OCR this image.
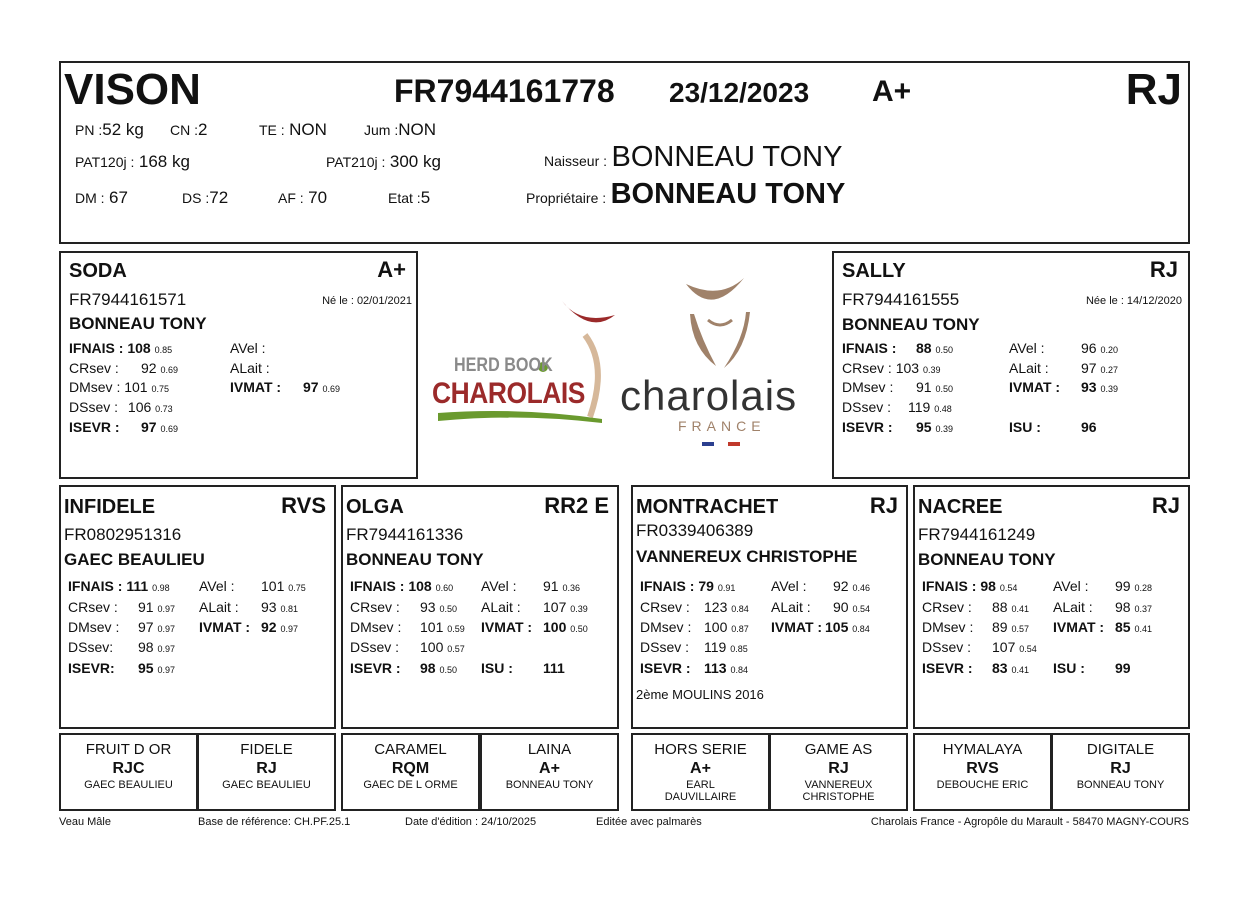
VISON	FR7944161778 23/12/2023 A+	RJ
PN :52 kg CN :2	TE : NON	Jum :NON
PAT120j : 168 kg	PAT210j : 300 kg
DM : 67	DS :72	AF : 70	Etat :5
Naisseur : BONNEAU TONY
Propriétaire : BONNEAU TONY
SODA	A+
FR7944161571	Né le : 02/01/2021
BONNEAU TONY
IFNAIS : 108 0.85
CRsev : 92 0.69
DMsev : 101 0.75
DSsev : 106 0.73
ISEVR : 97 0.69
AVel :
ALait :
IVMAT : 97 0.69
HERD BOOK
CHAROLAIS charolais
FRANCE
SALLY	RJ
FR7944161555	Née le : 14/12/2020
BONNEAU TONY
IFNAIS : 88 0.50
CRsev : 103 0.39
DMsev : 91 0.50
DSsev : 119 0.48
ISEVR : 95 0.39
AVel :	96 0.20
ALait : 97 0.27
IVMAT : 93 0.39
ISU :	96
INFIDELE	RVS
FR0802951316
GAEC BEAULIEU
IFNAIS : 111 0.98
CRsev : 91 0.97
DMsev : 97 0.97
DSsev: 98 0.97
ISEVR: 95 0.97
AVel : 101 0.75
ALait : 93 0.81
IVMAT : 92 0.97
OLGA	RR2 E
FR7944161336
BONNEAU TONY
IFNAIS : 108 0.60
CRsev : 93 0.50
DMsev : 101 0.59
DSsev : 100 0.57
ISEVR : 98 0.50
AVel : 91 0.36
ALait : 107 0.39
IVMAT : 100 0.50
ISU : 111
MONTRACHET	RJ
FR0339406389
VANNEREUX CHRISTOPHE
IFNAIS : 79 0.91
CRsev : 123 0.84
DMsev : 100 0.87
DSsev : 119 0.85
ISEVR : 113 0.84
AVel : 92 0.46
ALait : 90 0.54
IVMAT : 105 0.84
2ème MOULINS 2016
NACREE	RJ
FR7944161249
BONNEAU TONY
IFNAIS : 98 0.54
CRsev : 88 0.41
DMsev : 89 0.57
DSsev : 107 0.54
ISEVR : 83 0.41
AVel : 99 0.28
ALait : 98 0.37
IVMAT : 85 0.41
ISU : 99
FRUIT D OR
RJC
GAEC BEAULIEU
FIDELE
RJ
GAEC BEAULIEU
CARAMEL
RQM
GAEC DE L ORME
LAINA
A+
BONNEAU TONY
HORS SERIE
A+
EARL
DAUVILLAIRE
GAME AS
RJ
VANNEREUX
CHRISTOPHE
HYMALAYA
RVS
DEBOUCHE ERIC
DIGITALE
RJ
BONNEAU TONY
Veau Mâle	Base de référence: CH.PF.25.1	Date d'édition : 24/10/2025	Editée avec palmarès	Charolais France - Agropôle du Marault - 58470 MAGNY-COURS
